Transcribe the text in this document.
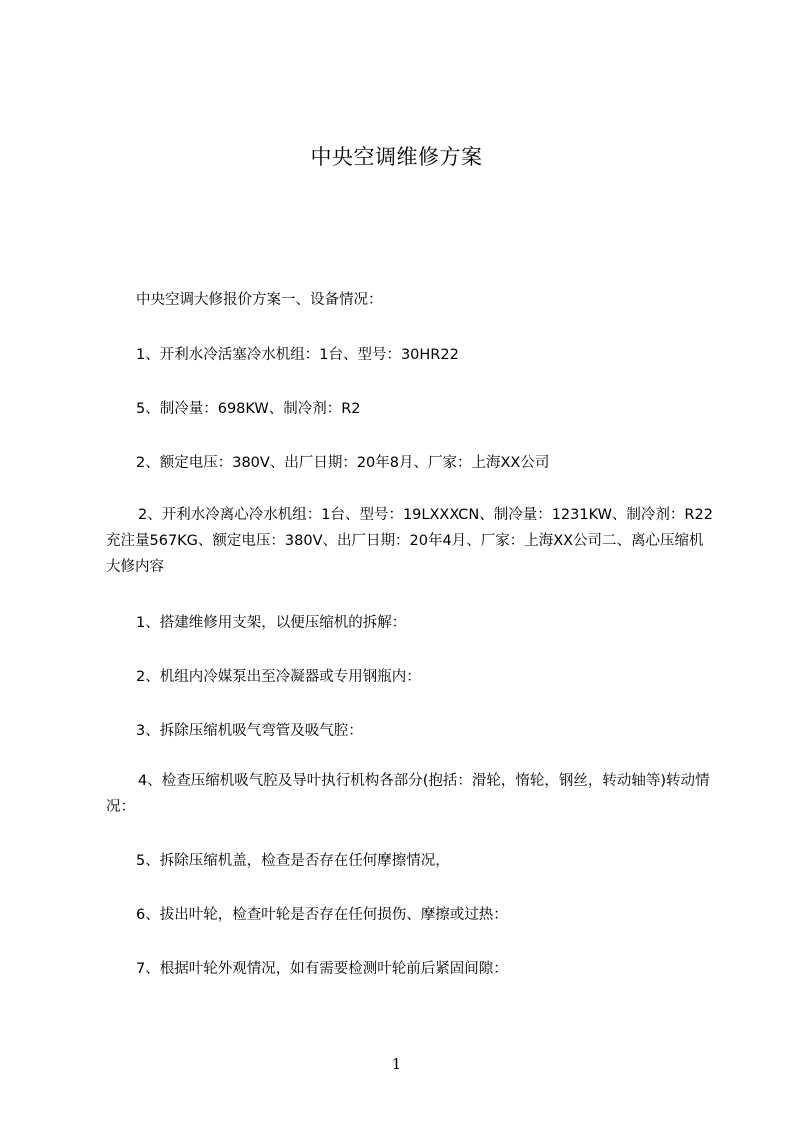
中央空调维修方案
中央空调大修报价方案一、设备情况：
1、开利水冷活塞冷水机组：1台、型号：30HR22
5、制冷量：698KW、制冷剂：R2
2、额定电压：380V、出厂日期：20年8月、厂家：上海XX公司
2、开利水冷离心冷水机组：1台、型号：19LXXXCN、制冷量：1231KW、制冷剂：R22充注量567KG、额定电压：380V、出厂日期：20年4月、厂家：上海XX公司二、离心压缩机大修内容
1、搭建维修用支架，以便压缩机的拆解：
2、机组内冷媒泵出至冷凝器或专用钢瓶内：
3、拆除压缩机吸气弯管及吸气腔：
4、检查压缩机吸气腔及导叶执行机构各部分(抱括：滑轮，惰轮，钢丝，转动轴等)转动情况：
5、拆除压缩机盖，检查是否存在任何摩擦情况，
6、拔出叶轮，检查叶轮是否存在任何损伤、摩擦或过热：
7、根据叶轮外观情况，如有需要检测叶轮前后紧固间隙：
1
